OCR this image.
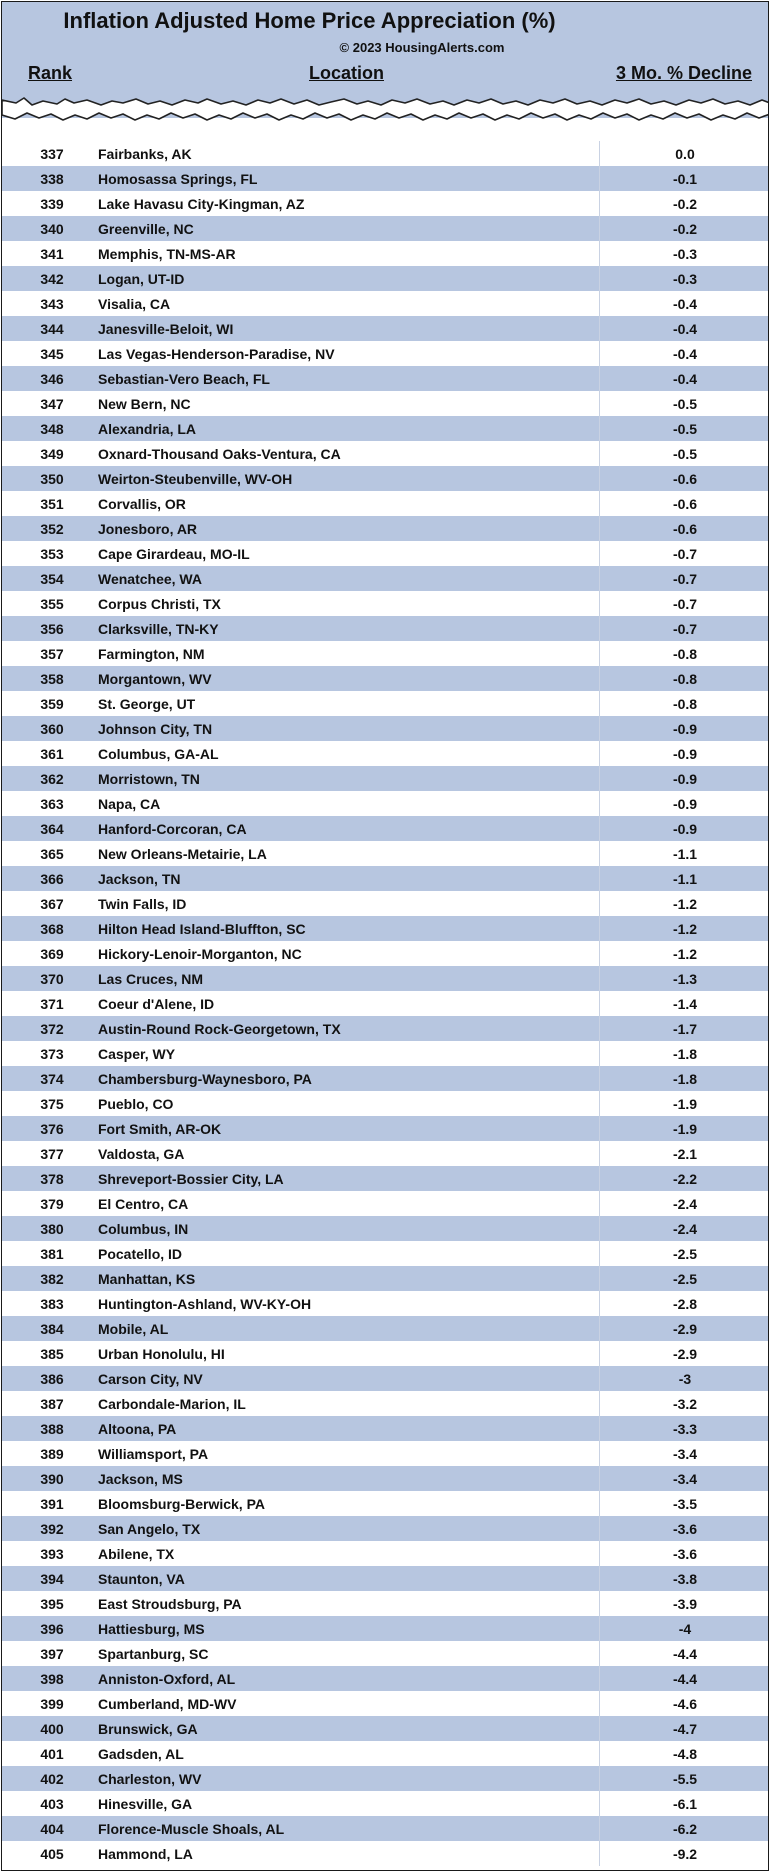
Inflation Adjusted Home Price Appreciation (%)
© 2023 HousingAlerts.com
Rank	Location	3 Mo. % Decline
337	Fairbanks, AK	0.0
338	Homosassa Springs, FL	-0.1
339	Lake Havasu City-Kingman, AZ	-0.2
340	Greenville, NC	-0.2
341	Memphis, TN-MS-AR	-0.3
342	Logan, UT-ID	-0.3
343	Visalia, CA	-0.4
344	Janesville-Beloit, WI	-0.4
345	Las Vegas-Henderson-Paradise, NV	-0.4
346	Sebastian-Vero Beach, FL	-0.4
347	New Bern, NC	-0.5
348	Alexandria, LA	-0.5
349	Oxnard-Thousand Oaks-Ventura, CA	-0.5
350	Weirton-Steubenville, WV-OH	-0.6
351	Corvallis, OR	-0.6
352	Jonesboro, AR	-0.6
353	Cape Girardeau, MO-IL	-0.7
354	Wenatchee, WA	-0.7
355	Corpus Christi, TX	-0.7
356	Clarksville, TN-KY	-0.7
357	Farmington, NM	-0.8
358	Morgantown, WV	-0.8
359	St. George, UT	-0.8
360	Johnson City, TN	-0.9
361	Columbus, GA-AL	-0.9
362	Morristown, TN	-0.9
363	Napa, CA	-0.9
364	Hanford-Corcoran, CA	-0.9
365	New Orleans-Metairie, LA	-1.1
366	Jackson, TN	-1.1
367	Twin Falls, ID	-1.2
368	Hilton Head Island-Bluffton, SC	-1.2
369	Hickory-Lenoir-Morganton, NC	-1.2
370	Las Cruces, NM	-1.3
371	Coeur d'Alene, ID	-1.4
372	Austin-Round Rock-Georgetown, TX	-1.7
373	Casper, WY	-1.8
374	Chambersburg-Waynesboro, PA	-1.8
375	Pueblo, CO	-1.9
376	Fort Smith, AR-OK	-1.9
377	Valdosta, GA	-2.1
378	Shreveport-Bossier City, LA	-2.2
379	El Centro, CA	-2.4
380	Columbus, IN	-2.4
381	Pocatello, ID	-2.5
382	Manhattan, KS	-2.5
383	Huntington-Ashland, WV-KY-OH	-2.8
384	Mobile, AL	-2.9
385	Urban Honolulu, HI	-2.9
386	Carson City, NV	-3
387	Carbondale-Marion, IL	-3.2
388	Altoona, PA	-3.3
389	Williamsport, PA	-3.4
390	Jackson, MS	-3.4
391	Bloomsburg-Berwick, PA	-3.5
392	San Angelo, TX	-3.6
393	Abilene, TX	-3.6
394	Staunton, VA	-3.8
395	East Stroudsburg, PA	-3.9
396	Hattiesburg, MS	-4
397	Spartanburg, SC	-4.4
398	Anniston-Oxford, AL	-4.4
399	Cumberland, MD-WV	-4.6
400	Brunswick, GA	-4.7
401	Gadsden, AL	-4.8
402	Charleston, WV	-5.5
403	Hinesville, GA	-6.1
404	Florence-Muscle Shoals, AL	-6.2
405	Hammond, LA	-9.2
